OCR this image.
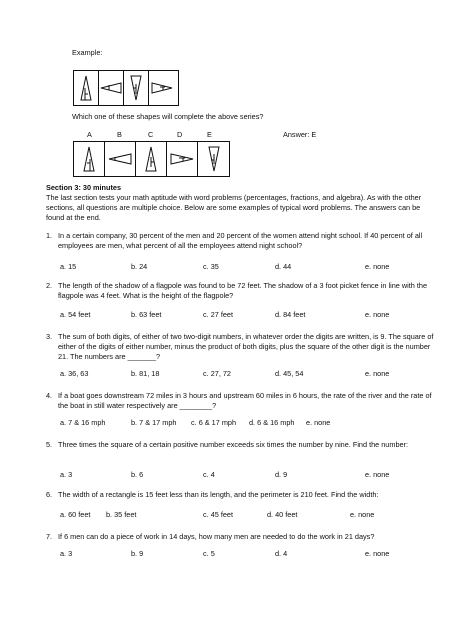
Example:
Which one of these shapes will complete the above series?
A	B	C	D	E	Answer: E
Section 3: 30 minutes
The last section tests your math aptitude with word problems (percentages, fractions, and algebra). As with the other sections, all questions are multiple choice. Below are some examples of typical word problems. The answers can be found at the end.
1. In a certain company, 30 percent of the men and 20 percent of the women attend night school. If 40 percent of all employees are men, what percent of all the employees attend night school?
a. 15	b. 24	c. 35	d. 44	e. none
2. The length of the shadow of a flagpole was found to be 72 feet. The shadow of a 3 foot picket fence in line with the flagpole was 4 feet. What is the height of the flagpole?
a. 54 feet	b. 63 feet	c. 27 feet	d. 84 feet	e. none
3. The sum of both digits, of either of two two-digit numbers, in whatever order the digits are written, is 9. The square of either of the digits of either number, minus the product of both digits, plus the square of the other digit is the number 21. The numbers are _______?
a. 36, 63	b. 81, 18	c. 27, 72	d. 45, 54	e. none
4. If a boat goes downstream 72 miles in 3 hours and upstream 60 miles in 6 hours, the rate of the river and the rate of the boat in still water respectively are ________?
a. 7 & 16 mph	b. 7 & 17 mph c. 6 & 17 mph d. 6 & 16 mph e. none
5. Three times the square of a certain positive number exceeds six times the number by nine. Find the number:
a. 3	b. 6	c. 4	d. 9	e. none
6. The width of a rectangle is 15 feet less than its length, and the perimeter is 210 feet. Find the width:
a. 60 feet b. 35 feet	c. 45 feet	d. 40 feet	e. none
7. If 6 men can do a piece of work in 14 days, how many men are needed to do the work in 21 days?
a. 3	b. 9	c. 5	d. 4	e. none
